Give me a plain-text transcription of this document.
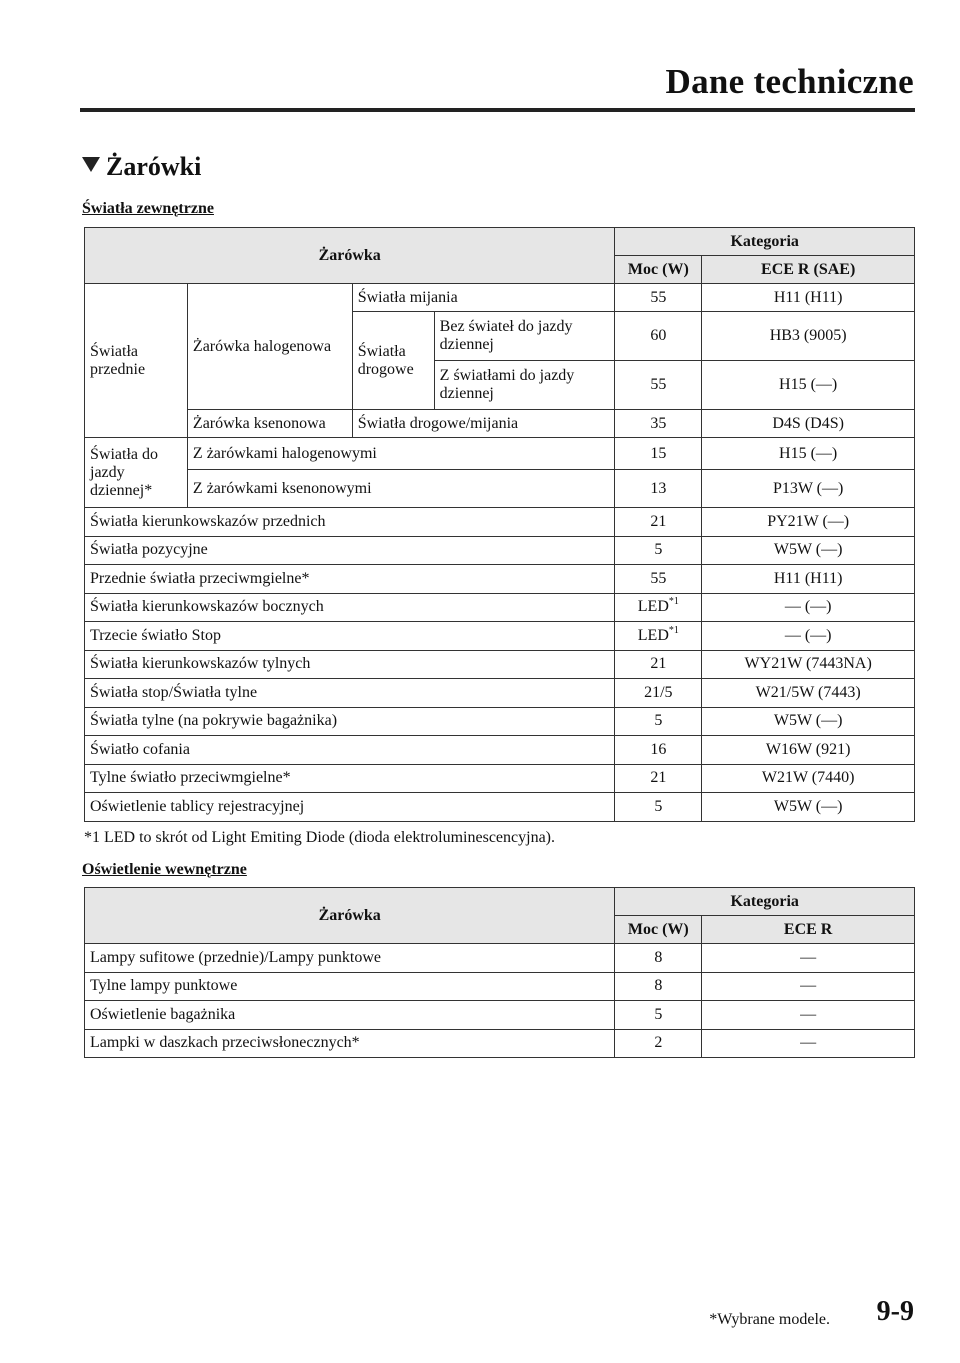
Dane techniczne
Żarówki
Światła zewnętrzne
Żarówka				Kategoria	
				Moc (W)	ECE R (SAE)
Światła przednie	Żarówka halogenowa	Światła mijania		55	H11 (H11)
		Światła drogowe	Bez świateł do jazdy dziennej	60	HB3 (9005)
			Z światłami do jazdy dziennej	55	H15 (—)
	Żarówka ksenonowa	Światła drogowe/mijania		35	D4S (D4S)
Światła do jazdy dziennej*	Z żarówkami halogenowymi			15	H15 (—)
	Z żarówkami ksenonowymi			13	P13W (—)
Światła kierunkowskazów przednich				21	PY21W (—)
Światła pozycyjne				5	W5W (—)
Przednie światła przeciwmgielne*				55	H11 (H11)
Światła kierunkowskazów bocznych				LED$^{*1}$	— (—)
Trzecie światło Stop				LED$^{*1}$	— (—)
Światła kierunkowskazów tylnych				21	WY21W (7443NA)
Światła stop/Światła tylne				21/5	W21/5W (7443)
Światła tylne (na pokrywie bagażnika)				5	W5W (—)
Światło cofania				16	W16W (921)
Tylne światło przeciwmgielne*				21	W21W (7440)
Oświetlenie tablicy rejestracyjnej				5	W5W (—)
*1 LED to skrót od Light Emiting Diode (dioda elektroluminescencyjna).
Oświetlenie wewnętrzne
Żarówka	Kategoria	
	Moc (W)	ECE R
Lampy sufitowe (przednie)/Lampy punktowe	8	—
Tylne lampy punktowe	8	—
Oświetlenie bagażnika	5	—
Lampki w daszkach przeciwsłonecznych*	2	—
*Wybrane modele. 9-9
